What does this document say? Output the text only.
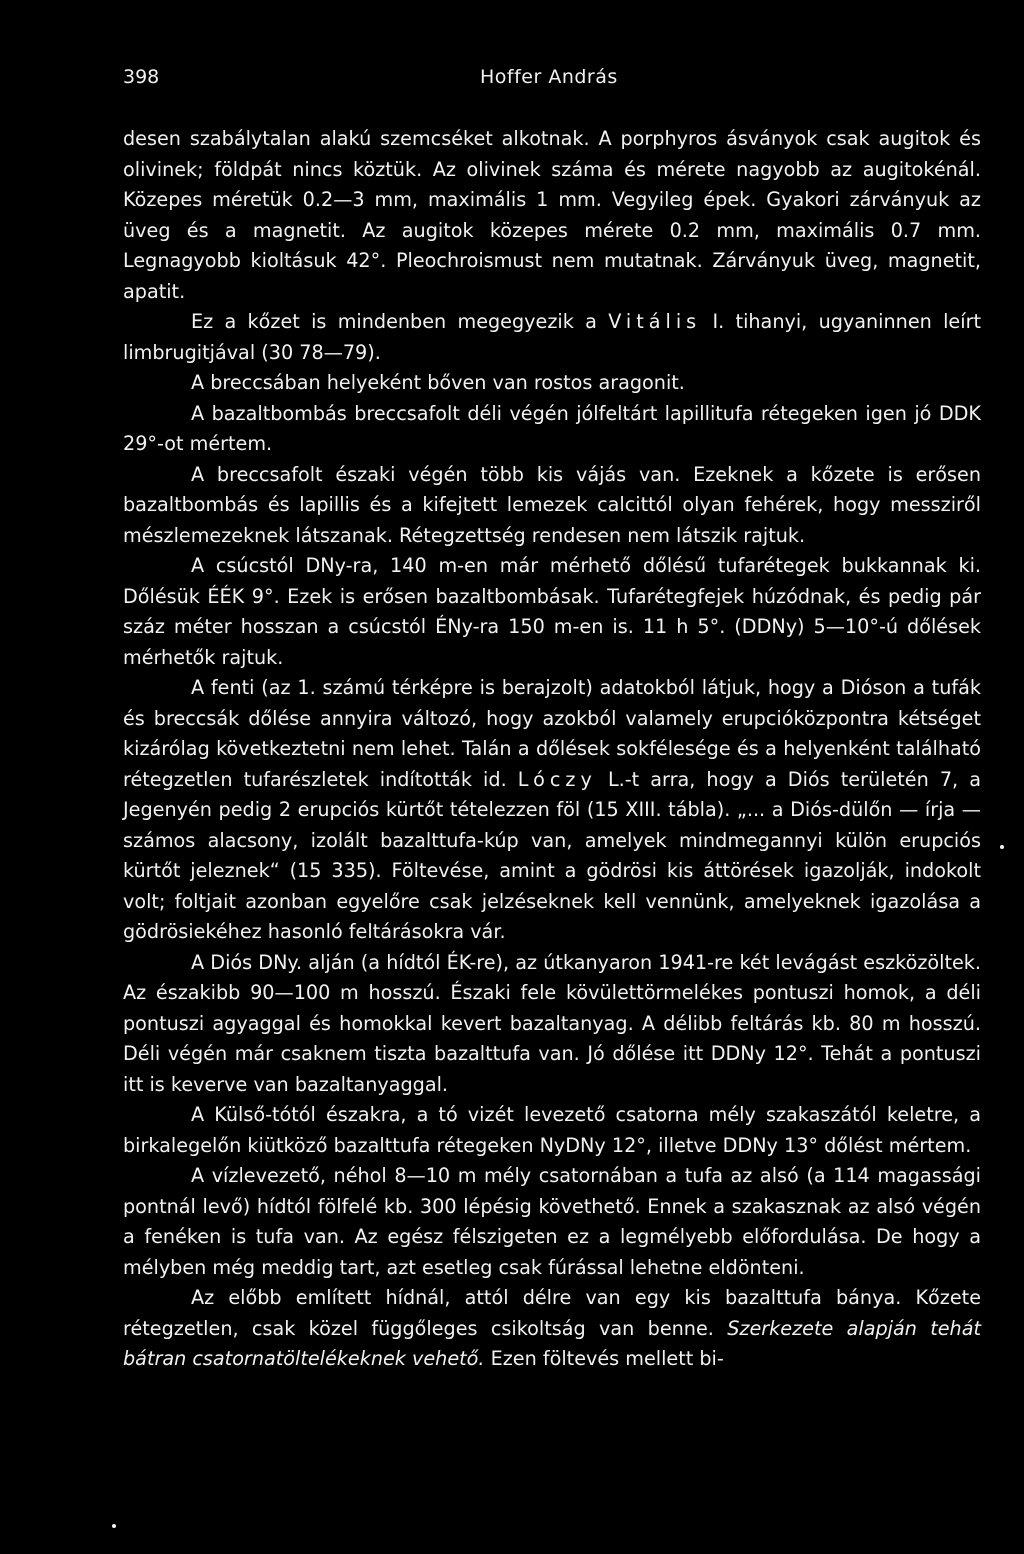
398	Hoffer András

desen szabálytalan alakú szemcséket alkotnak. A porphyros ásványok csak augitok és olivinek; földpát nincs köztük. Az olivinek száma és mérete nagyobb az augitokénál. Közepes méretük 0.2—3 mm, maximális 1 mm. Vegyileg épek. Gyakori zárványuk az üveg és a magnetit. Az augitok közepes mérete 0.2 mm, maximális 0.7 mm. Legnagyobb kioltásuk 42°. Pleochroismust nem mutatnak. Zárványuk üveg, magnetit, apatit.

Ez a kőzet is mindenben megegyezik a Vitális I. tihanyi, ugyaninnen leírt limbrugitjával (30 78—79).

A breccsában helyeként bőven van rostos aragonit.

A bazaltbombás breccsafolt déli végén jólfeltárt lapillitufa rétegeken igen jó DDK 29°-ot mértem.

A breccsafolt északi végén több kis vájás van. Ezeknek a kőzete is erősen bazaltbombás és lapillis és a kifejtett lemezek calcittól olyan fehérek, hogy messziről mészlemezeknek látszanak. Rétegzettség rendesen nem látszik rajtuk.

A csúcstól DNy-ra, 140 m-en már mérhető dőlésű tufarétegek bukkannak ki. Dőlésük ÉÉK 9°. Ezek is erősen bazaltbombásak. Tufarétegfejek húzódnak, és pedig pár száz méter hosszan a csúcstól ÉNy-ra 150 m-en is. 11 h 5°. (DDNy) 5—10°-ú dőlések mérhetők rajtuk.

A fenti (az 1. számú térképre is berajzolt) adatokból látjuk, hogy a Dióson a tufák és breccsák dőlése annyira változó, hogy azokból valamely erupcióközpontra kétséget kizárólag következtetni nem lehet. Talán a dőlések sokfélesége és a helyenként található rétegzetlen tufarészletek indították id. Lóczy L.-t arra, hogy a Diós területén 7, a Jegenyén pedig 2 erupciós kürtőt tételezzen föl (15 XIII. tábla). „... a Diós-dülőn — írja — számos alacsony, izolált bazalttufa-kúp van, amelyek mindmegannyi külön erupciós kürtőt jeleznek“ (15 335). Föltevése, amint a gödrösi kis áttörések igazolják, indokolt volt; foltjait azonban egyelőre csak jelzéseknek kell vennünk, amelyeknek igazolása a gödrösiekéhez hasonló feltárásokra vár.

A Diós DNy. alján (a hídtól ÉK-re), az útkanyaron 1941-re két levágást eszközöltek. Az északibb 90—100 m hosszú. Északi fele kövülettörmelékes pontuszi homok, a déli pontuszi agyaggal és homokkal kevert bazaltanyag. A délibb feltárás kb. 80 m hosszú. Déli végén már csaknem tiszta bazalttufa van. Jó dőlése itt DDNy 12°. Tehát a pontuszi itt is keverve van bazaltanyaggal.

A Külső-tótól északra, a tó vizét levezető csatorna mély szakaszától keletre, a birkalegelőn kiütköző bazalttufa rétegeken NyDNy 12°, illetve DDNy 13° dőlést mértem.

A vízlevezető, néhol 8—10 m mély csatornában a tufa az alsó (a 114 magassági pontnál levő) hídtól fölfelé kb. 300 lépésig követhető. Ennek a szakasznak az alsó végén a fenéken is tufa van. Az egész félszigeten ez a legmélyebb előfordulása. De hogy a mélyben még meddig tart, azt esetleg csak fúrással lehetne eldönteni.

Az előbb említett hídnál, attól délre van egy kis bazalttufa bánya. Kőzete rétegzetlen, csak közel függőleges csikoltság van benne. Szerkezete alapján tehát bátran csatornatöltelékeknek vehető. Ezen föltevés mellett bi-
